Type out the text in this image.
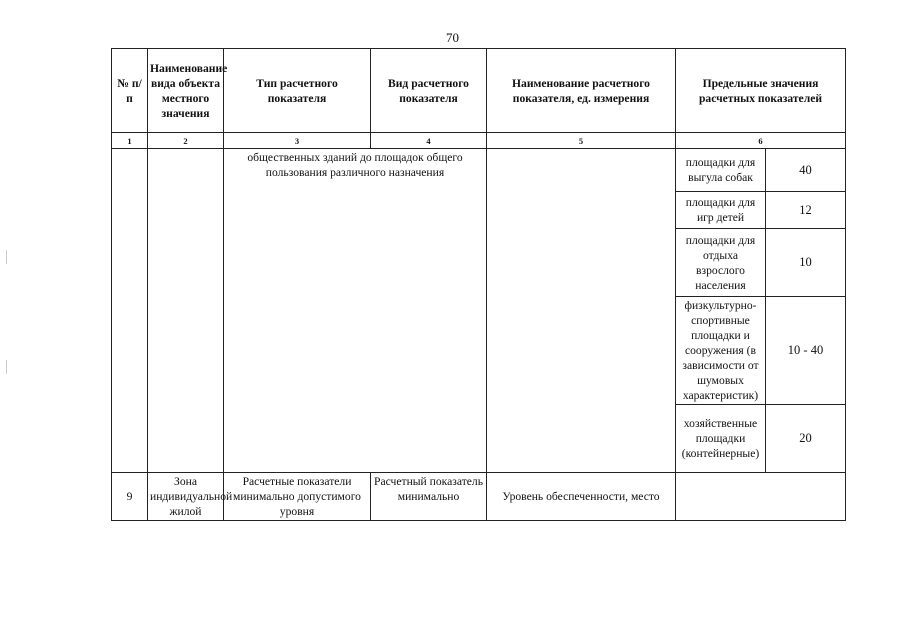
70
№ п/п	Наименование вида объекта местного значения	Тип расчетного показателя	Вид расчетного показателя	Наименование расчетного показателя, ед. измерения	Предельные значения расчетных показателей	
1	2	3	4	5	6	
		общественных зданий до площадок общего пользования различного назначения			площадки для выгула собак	40
					площадки для игр детей	12
					площадки для отдыха взрослого населения	10
					физкультурно-спортивные площадки и сооружения (в зависимости от шумовых характеристик)	10 - 40
					хозяйственные площадки (контейнерные)	20
9	Зона индивидуальной жилой	Расчетные показатели минимально допустимого уровня	Расчетный показатель минимально	Уровень обеспеченности, место		
